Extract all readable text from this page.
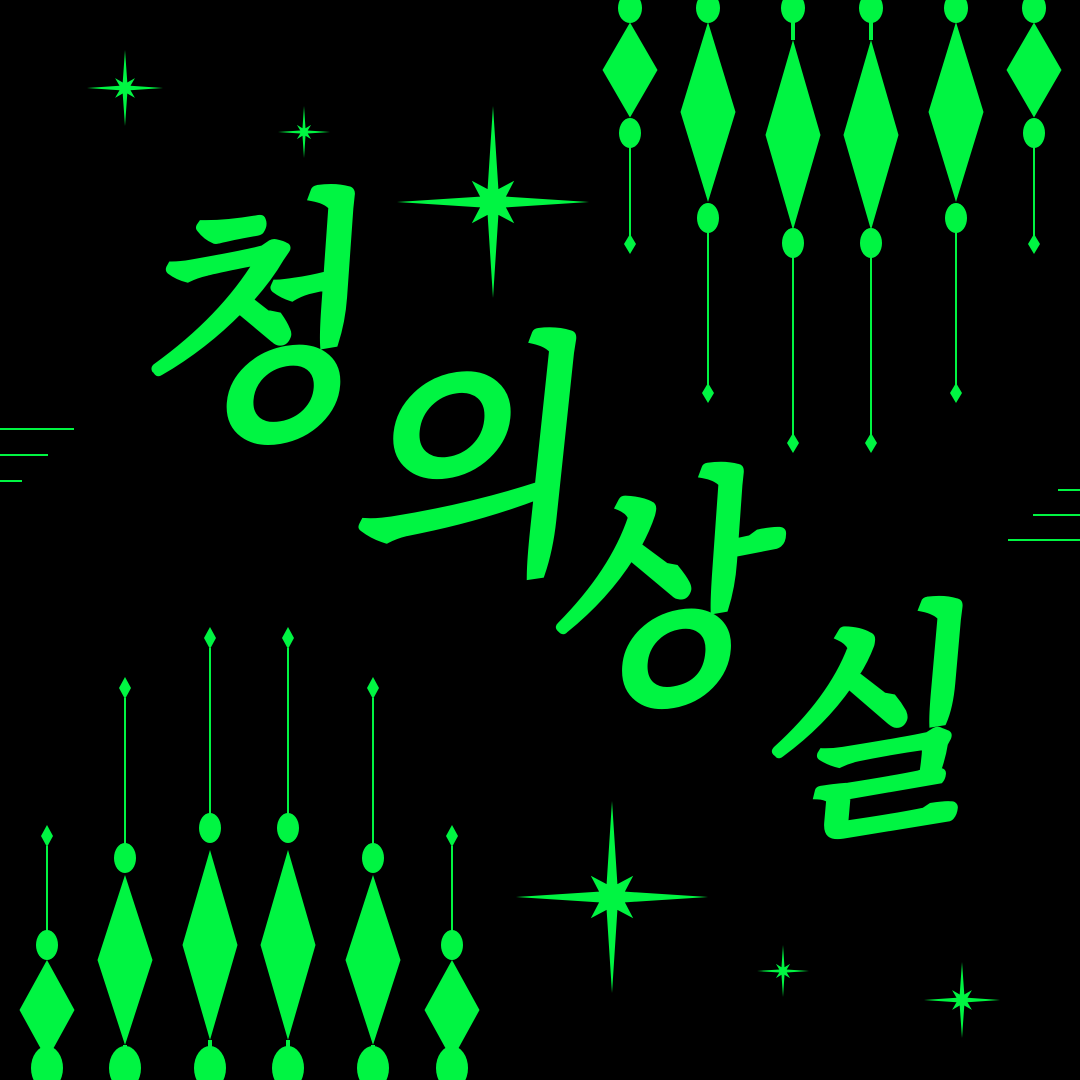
청
의
상
실
